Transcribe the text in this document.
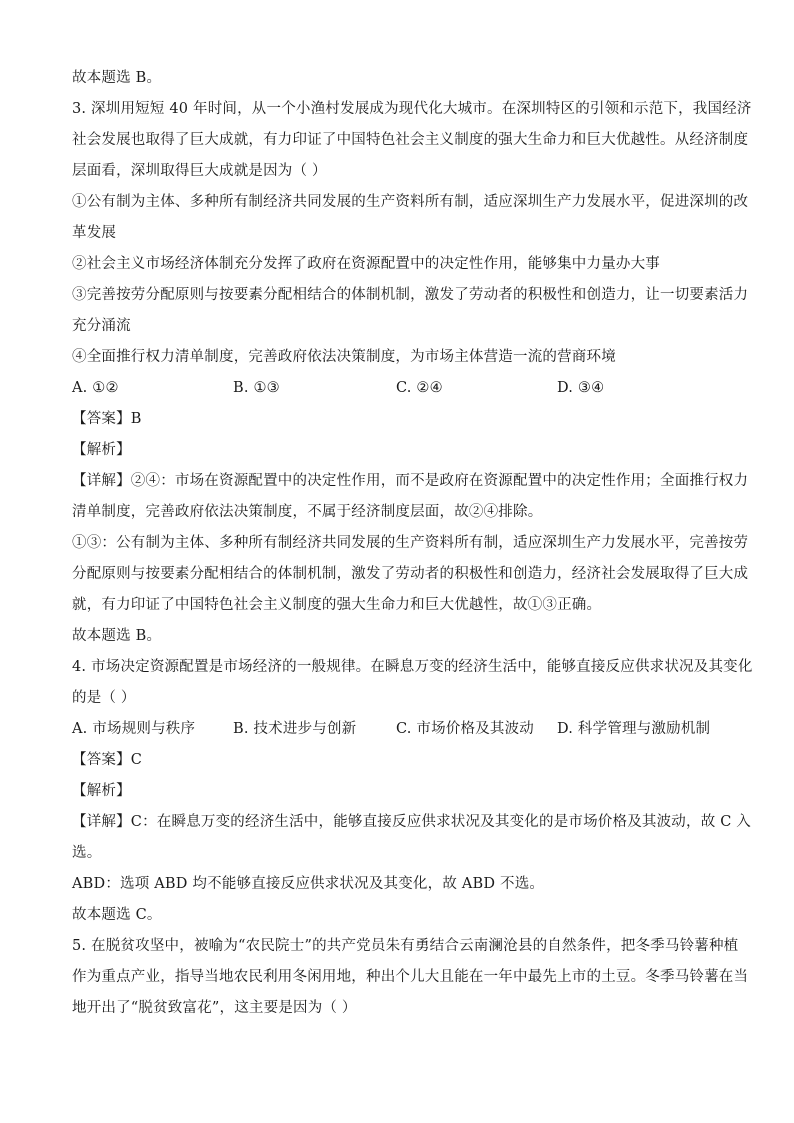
故本题选 B。
3. 深圳用短短 40 年时间，从一个小渔村发展成为现代化大城市。在深圳特区的引领和示范下，我国经济
社会发展也取得了巨大成就，有力印证了中国特色社会主义制度的强大生命力和巨大优越性。从经济制度
层面看，深圳取得巨大成就是因为（ ）
①公有制为主体、多种所有制经济共同发展的生产资料所有制，适应深圳生产力发展水平，促进深圳的改
革发展
②社会主义市场经济体制充分发挥了政府在资源配置中的决定性作用，能够集中力量办大事
③完善按劳分配原则与按要素分配相结合的体制机制，激发了劳动者的积极性和创造力，让一切要素活力
充分涌流
④全面推行权力清单制度，完善政府依法决策制度，为市场主体营造一流的营商环境
A. ①②	B. ①③	C. ②④	D. ③④
【答案】B
【解析】
【详解】②④：市场在资源配置中的决定性作用，而不是政府在资源配置中的决定性作用；全面推行权力
清单制度，完善政府依法决策制度，不属于经济制度层面，故②④排除。
①③：公有制为主体、多种所有制经济共同发展的生产资料所有制，适应深圳生产力发展水平，完善按劳
分配原则与按要素分配相结合的体制机制，激发了劳动者的积极性和创造力，经济社会发展取得了巨大成
就，有力印证了中国特色社会主义制度的强大生命力和巨大优越性，故①③正确。
故本题选 B。
4. 市场决定资源配置是市场经济的一般规律。在瞬息万变的经济生活中，能够直接反应供求状况及其变化
的是（ ）
A. 市场规则与秩序	B. 技术进步与创新	C. 市场价格及其波动	D. 科学管理与激励机制
【答案】C
【解析】
【详解】C：在瞬息万变的经济生活中，能够直接反应供求状况及其变化的是市场价格及其波动，故 C 入
选。
ABD：选项 ABD 均不能够直接反应供求状况及其变化，故 ABD 不选。
故本题选 C。
5. 在脱贫攻坚中，被喻为“农民院士”的共产党员朱有勇结合云南澜沧县的自然条件，把冬季马铃薯种植
作为重点产业，指导当地农民利用冬闲用地，种出个儿大且能在一年中最先上市的土豆。冬季马铃薯在当
地开出了“脱贫致富花”，这主要是因为（ ）
